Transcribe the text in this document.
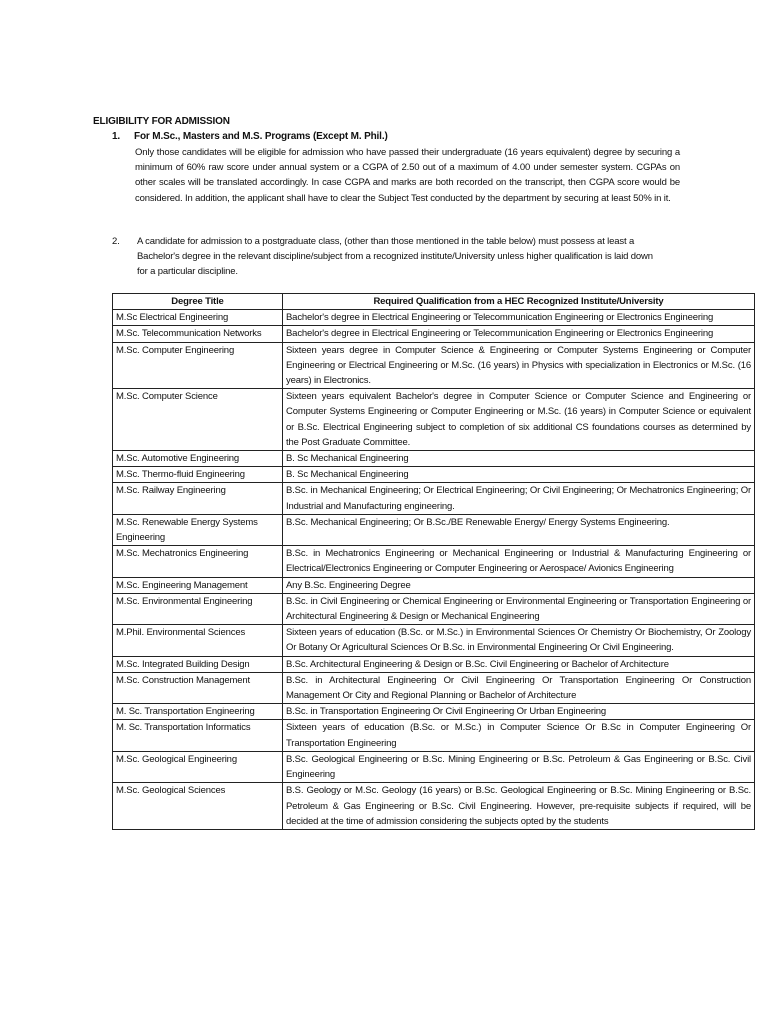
ELIGIBILITY FOR ADMISSION
1. For M.Sc., Masters and M.S. Programs (Except M. Phil.)
Only those candidates will be eligible for admission who have passed their undergraduate (16 years equivalent) degree by securing a minimum of 60% raw score under annual system or a CGPA of 2.50 out of a maximum of 4.00 under semester system. CGPAs on other scales will be translated accordingly. In case CGPA and marks are both recorded on the transcript, then CGPA score would be considered. In addition, the applicant shall have to clear the Subject Test conducted by the department by securing at least 50% in it.
2. A candidate for admission to a postgraduate class, (other than those mentioned in the table below) must possess at least a Bachelor's degree in the relevant discipline/subject from a recognized institute/University unless higher qualification is laid down for a particular discipline.
Degree Title	Required Qualification from a HEC Recognized Institute/University
M.Sc Electrical Engineering	Bachelor's degree in Electrical Engineering or Telecommunication Engineering or Electronics Engineering
M.Sc. Telecommunication Networks	Bachelor's degree in Electrical Engineering or Telecommunication Engineering or Electronics Engineering
M.Sc. Computer Engineering	Sixteen years degree in Computer Science & Engineering or Computer Systems Engineering or Computer Engineering or Electrical Engineering or M.Sc. (16 years) in Physics with specialization in Electronics or M.Sc. (16 years) in Electronics.
M.Sc. Computer Science	Sixteen years equivalent Bachelor's degree in Computer Science or Computer Science and Engineering or Computer Systems Engineering or Computer Engineering or M.Sc. (16 years) in Computer Science or equivalent or B.Sc. Electrical Engineering subject to completion of six additional CS foundations courses as determined by the Post Graduate Committee.
M.Sc. Automotive Engineering	B. Sc Mechanical Engineering
M.Sc. Thermo-fluid Engineering	B. Sc Mechanical Engineering
M.Sc. Railway Engineering	B.Sc. in Mechanical Engineering; Or Electrical Engineering; Or Civil Engineering; Or Mechatronics Engineering; Or Industrial and Manufacturing engineering.
M.Sc. Renewable Energy Systems Engineering	B.Sc. Mechanical Engineering; Or B.Sc./BE Renewable Energy/ Energy Systems Engineering.
M.Sc. Mechatronics Engineering	B.Sc. in Mechatronics Engineering or Mechanical Engineering or Industrial & Manufacturing Engineering or Electrical/Electronics Engineering or Computer Engineering or Aerospace/ Avionics Engineering
M.Sc. Engineering Management	Any B.Sc. Engineering Degree
M.Sc. Environmental Engineering	B.Sc. in Civil Engineering or Chemical Engineering or Environmental Engineering or Transportation Engineering or Architectural Engineering & Design or Mechanical Engineering
M.Phil. Environmental Sciences	Sixteen years of education (B.Sc. or M.Sc.) in Environmental Sciences Or Chemistry Or Biochemistry, Or Zoology Or Botany Or Agricultural Sciences Or B.Sc. in Environmental Engineering Or Civil Engineering.
M.Sc. Integrated Building Design	B.Sc. Architectural Engineering & Design or B.Sc. Civil Engineering or Bachelor of Architecture
M.Sc. Construction Management	B.Sc. in Architectural Engineering Or Civil Engineering Or Transportation Engineering Or Construction Management Or City and Regional Planning or Bachelor of Architecture
M. Sc. Transportation Engineering	B.Sc. in Transportation Engineering Or Civil Engineering Or Urban Engineering
M. Sc. Transportation Informatics	Sixteen years of education (B.Sc. or M.Sc.) in Computer Science Or B.Sc in Computer Engineering Or Transportation Engineering
M.Sc. Geological Engineering	B.Sc. Geological Engineering or B.Sc. Mining Engineering or B.Sc. Petroleum & Gas Engineering or B.Sc. Civil Engineering
M.Sc. Geological Sciences	B.S. Geology or M.Sc. Geology (16 years) or B.Sc. Geological Engineering or B.Sc. Mining Engineering or B.Sc. Petroleum & Gas Engineering or B.Sc. Civil Engineering. However, pre-requisite subjects if required, will be decided at the time of admission considering the subjects opted by the students
